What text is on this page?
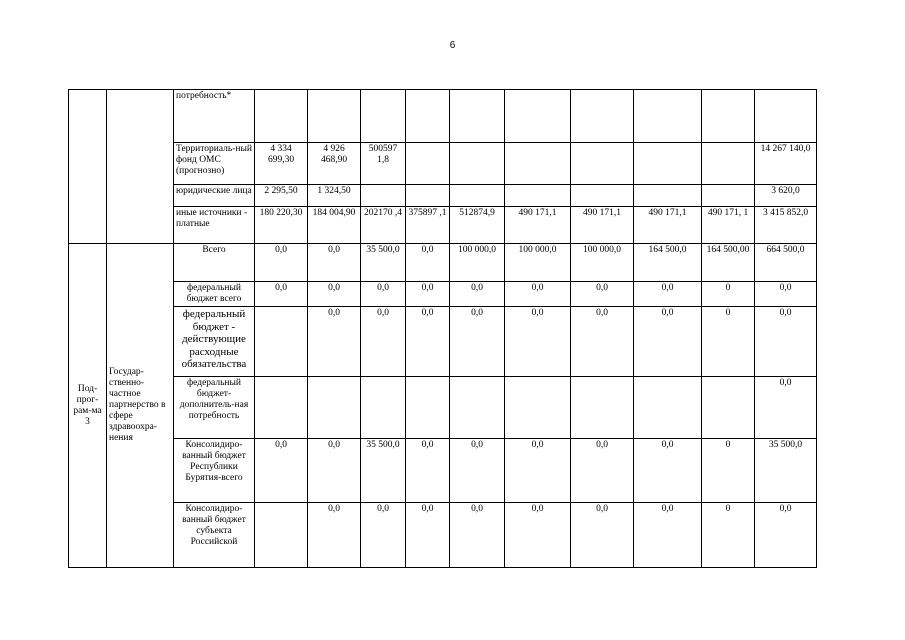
6
		потребность*										
		Территориаль-ный фонд ОМС (прогнозно)	4 334 699,30	4 926 468,90	500597 1,8							14 267 140,0
		юридические лица	2 295,50	1 324,50								3 620,0
		иные источники - платные	180 220,30	184 004,90	202170 ,4	375897 ,1	512874,9	490 171,1	490 171,1	490 171,1	490 171, 1	3 415 852,0
Под-прог-рам-ма 3	Государ-ственно-частное партнерство в сфере здравоохра-нения	Всего	0,0	0,0	35 500,0	0,0	100 000,0	100 000,0	100 000,0	164 500,0	164 500,00	664 500,0
		федеральный бюджет всего	0,0	0,0	0,0	0,0	0,0	0,0	0,0	0,0	0	0,0
		федеральный бюджет - действующие расходные обязательства		0,0	0,0	0,0	0,0	0,0	0,0	0,0	0	0,0
		федеральный бюджет-дополнитель-ная потребность										0,0
		Консолидиро-ванный бюджет Республики Бурятия-всего	0,0	0,0	35 500,0	0,0	0,0	0,0	0,0	0,0	0	35 500,0
		Консолидиро-ванный бюджет субъекта Российской		0,0	0,0	0,0	0,0	0,0	0,0	0,0	0	0,0
